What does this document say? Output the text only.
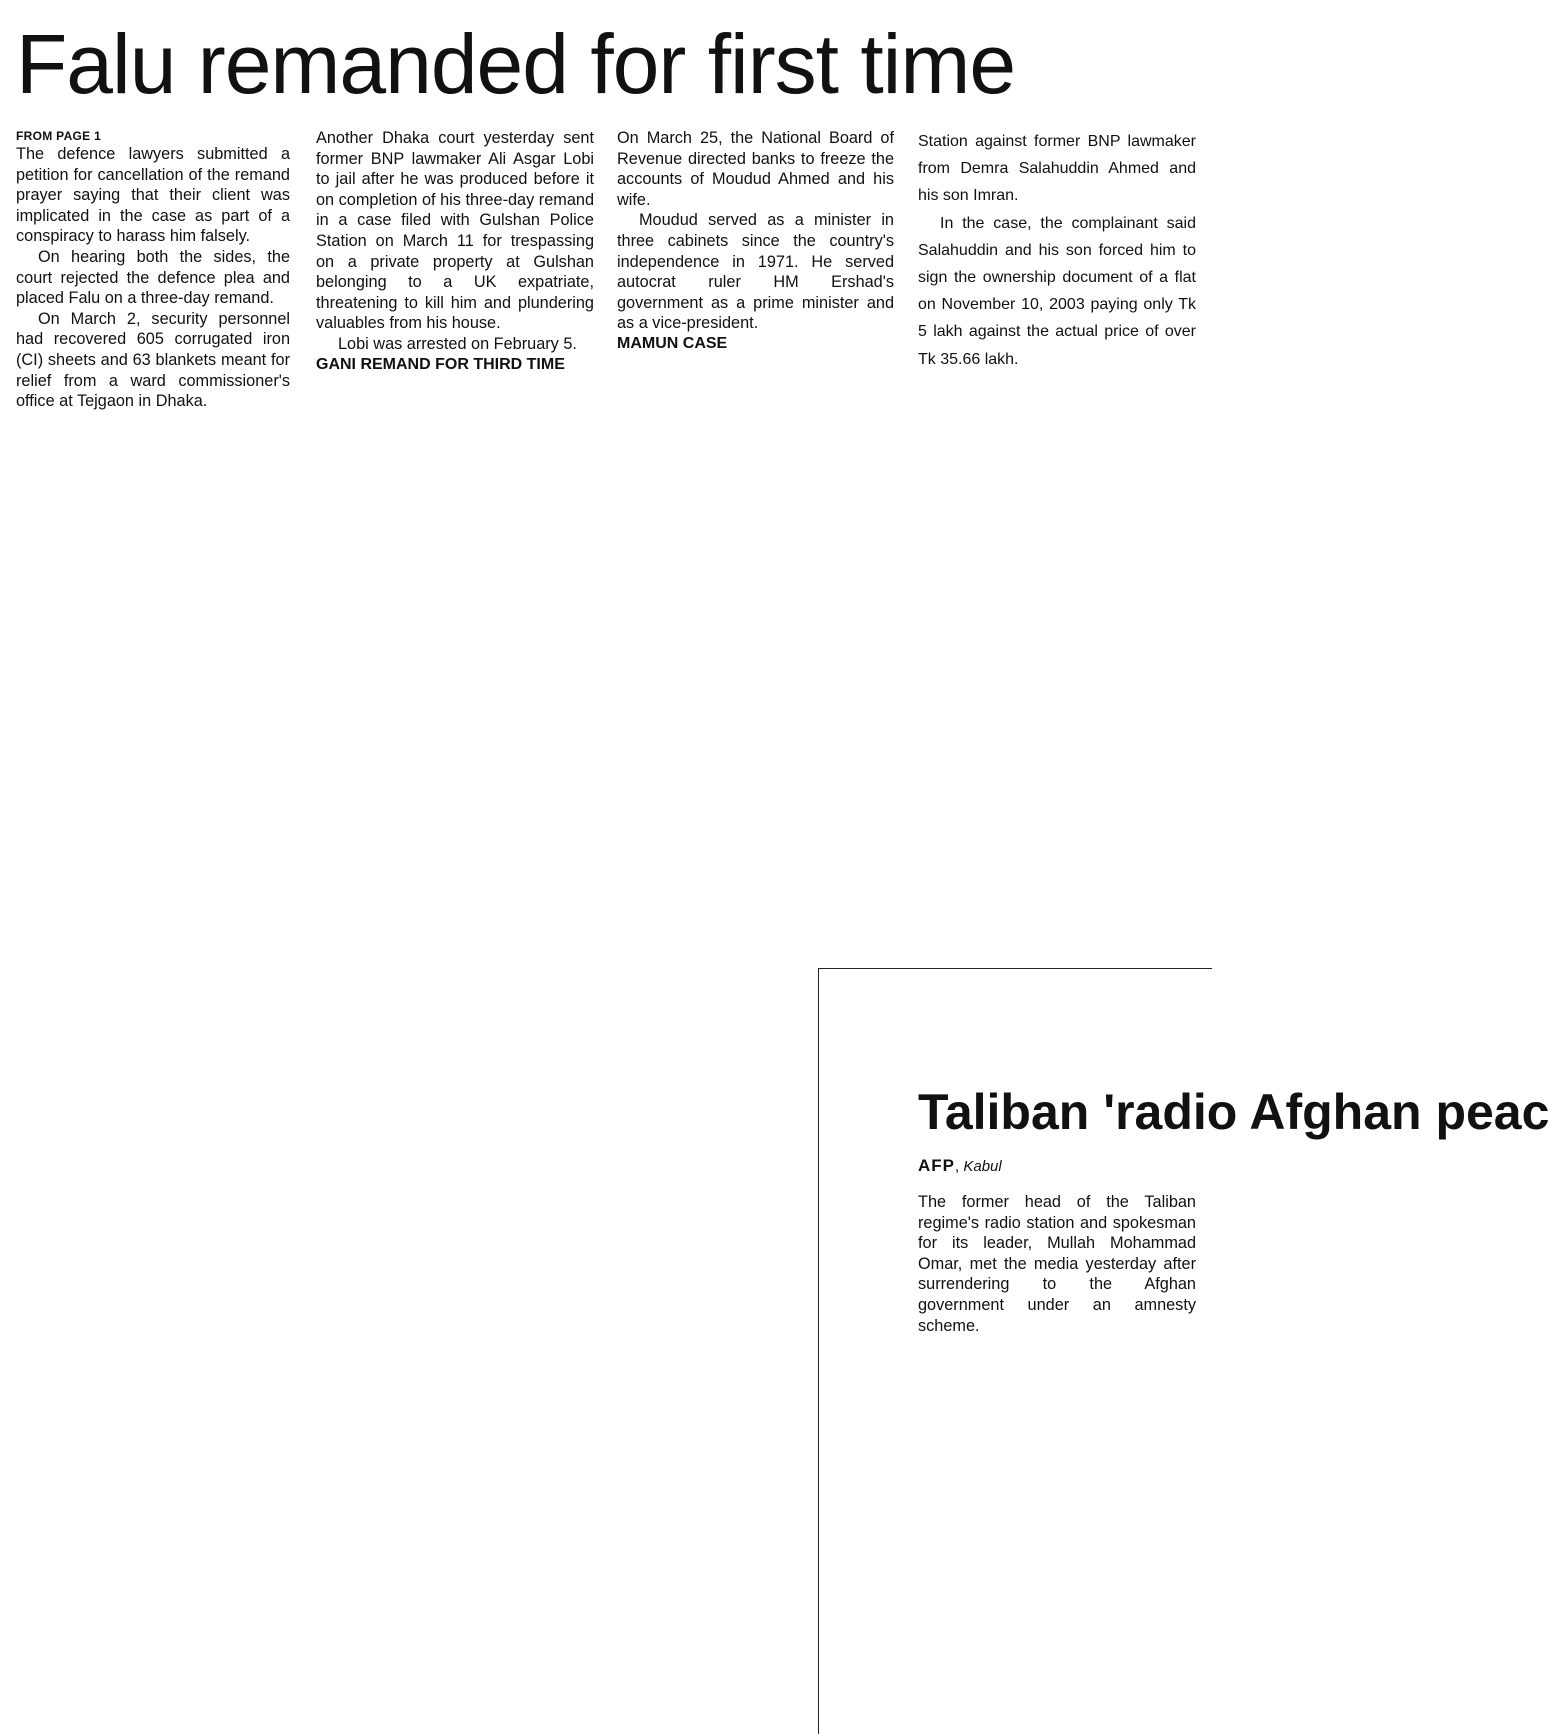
Falu remanded for first time
FROM PAGE 1

The defence lawyers submitted a petition for cancellation of the remand prayer saying that their client was implicated in the case as part of a conspiracy to harass him falsely.

On hearing both the sides, the court rejected the defence plea and placed Falu on a three-day remand.

On March 2, security personnel had recovered 605 corrugated iron (CI) sheets and 63 blankets meant for relief from a ward commissioner's office at Tejgaon in Dhaka.

Another Dhaka court yesterday sent former BNP lawmaker Ali Asgar Lobi to jail after he was produced before it on completion of his three-day remand in a case filed with Gulshan Police Station on March 11 for trespassing on a private property at Gulshan belonging to a UK expatriate, threatening to kill him and plundering valuables from his house.

Lobi was arrested on February 5.

GANI REMAND FOR THIRD TIME

On March 25, the National Board of Revenue directed banks to freeze the accounts of Moudud Ahmed and his wife.

Moudud served as a minister in three cabinets since the country's independence in 1971. He served autocrat ruler HM Ershad's government as a prime minister and as a vice-president.

MAMUN CASE

Station against former BNP lawmaker from Demra Salahuddin Ahmed and his son Imran.

In the case, the complainant said Salahuddin and his son forced him to sign the ownership document of a flat on November 10, 2003 paying only Tk 5 lakh against the actual price of over Tk 35.66 lakh.

Taliban 'radio Afghan peac
AFP, Kabul

The former head of the Taliban regime's radio station and spokesman for its leader, Mullah Mohammad Omar, met the media yesterday after surrendering to the Afghan government under an amnesty scheme.
